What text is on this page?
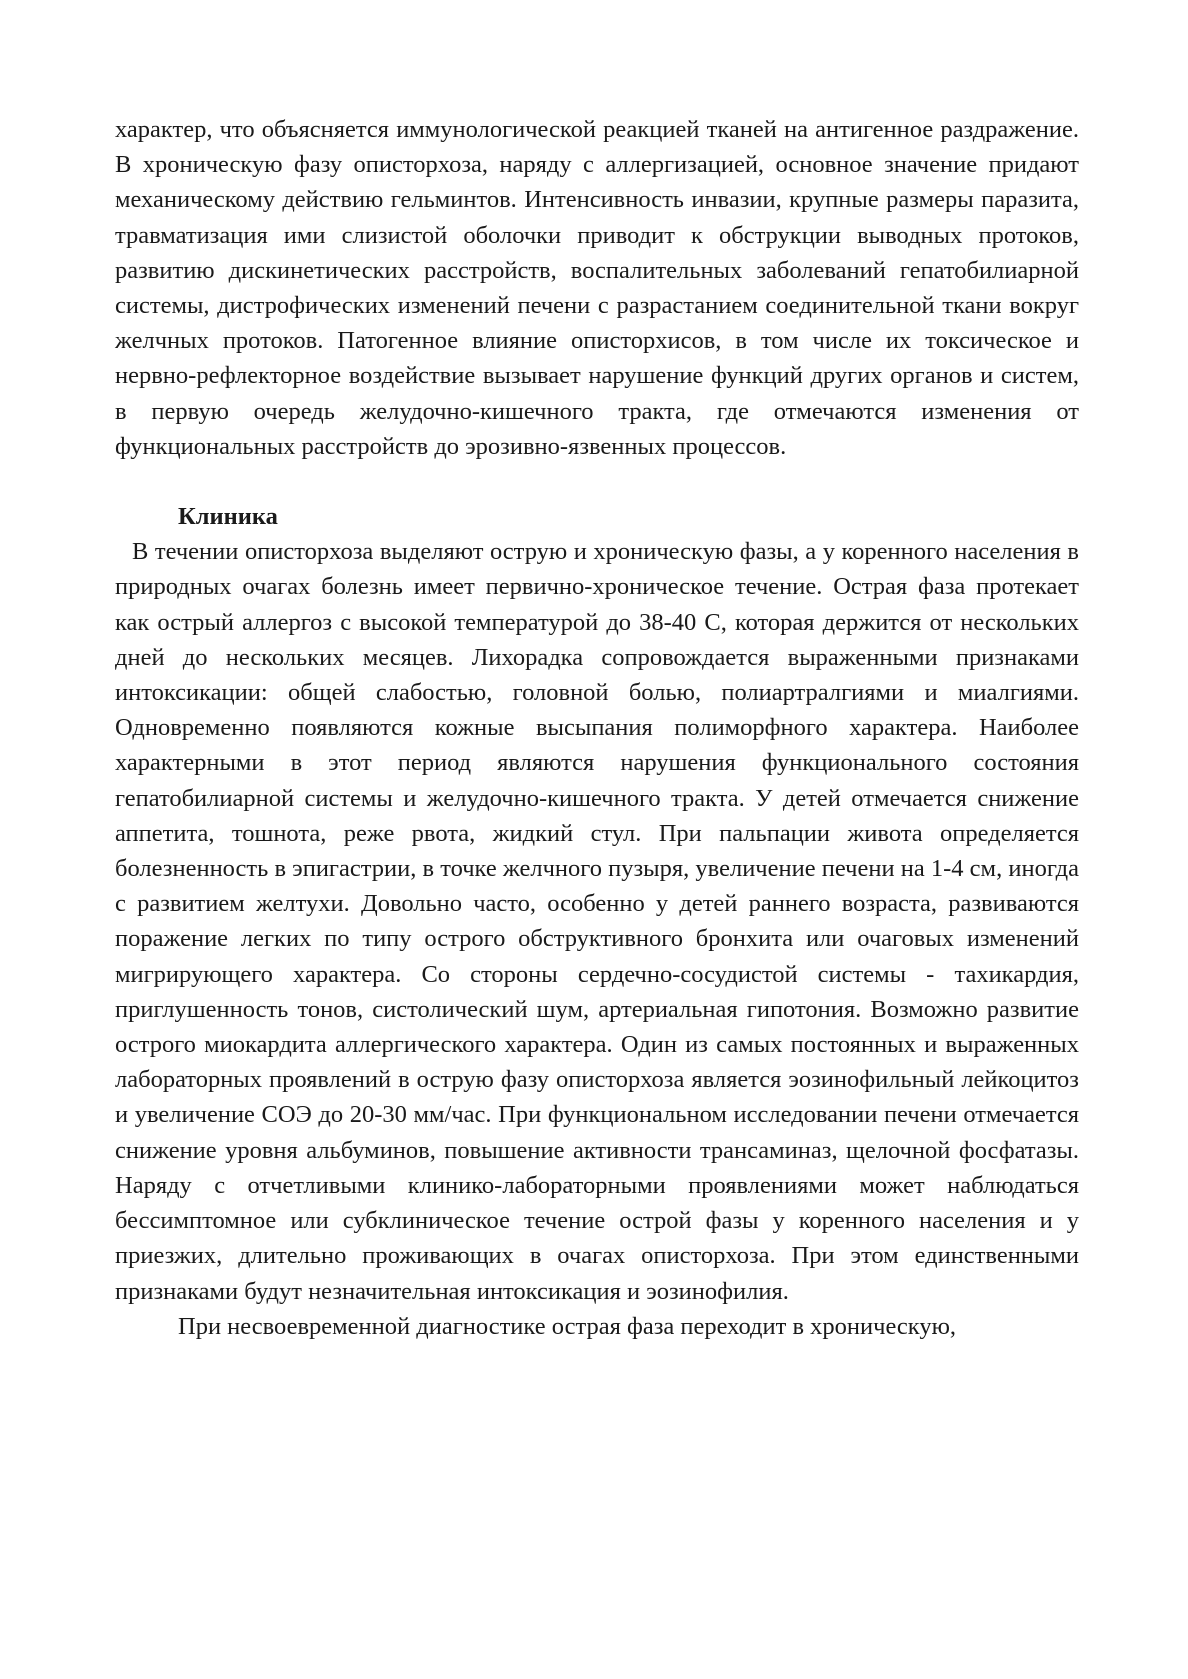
характер, что объясняется иммунологической реакцией тканей на антигенное раздражение. В хроническую фазу описторхоза, наряду с аллергизацией, основное значение придают механическому действию гельминтов. Интенсивность инвазии, крупные размеры паразита, травматизация ими слизистой оболочки приводит к обструкции выводных протоков, развитию дискинетических расстройств, воспалительных заболеваний гепатобилиарной системы, дистрофических изменений печени с разрастанием соединительной ткани вокруг желчных протоков. Патогенное влияние описторхисов, в том числе их токсическое и нервно-рефлекторное воздействие вызывает нарушение функций других органов и систем, в первую очередь желудочно-кишечного тракта, где отмечаются изменения от функциональных расстройств до эрозивно-язвенных процессов.

Клиника

В течении описторхоза выделяют острую и хроническую фазы, а у коренного населения в природных очагах болезнь имеет первично-хроническое течение. Острая фаза протекает как острый аллергоз с высокой температурой до 38-40 С, которая держится от нескольких дней до нескольких месяцев. Лихорадка сопровождается выраженными признаками интоксикации: общей слабостью, головной болью, полиартралгиями и миалгиями. Одновременно появляются кожные высыпания полиморфного характера. Наиболее характерными в этот период являются нарушения функционального состояния гепатобилиарной системы и желудочно-кишечного тракта. У детей отмечается снижение аппетита, тошнота, реже рвота, жидкий стул. При пальпации живота определяется болезненность в эпигастрии, в точке желчного пузыря, увеличение печени на 1-4 см, иногда с развитием желтухи. Довольно часто, особенно у детей раннего возраста, развиваются поражение легких по типу острого обструктивного бронхита или очаговых изменений мигрирующего характера. Со стороны сердечно-сосудистой системы - тахикардия, приглушенность тонов, систолический шум, артериальная гипотония. Возможно развитие острого миокардита аллергического характера. Один из самых постоянных и выраженных лабораторных проявлений в острую фазу описторхоза является эозинофильный лейкоцитоз и увеличение СОЭ до 20-30 мм/час. При функциональном исследовании печени отмечается снижение уровня альбуминов, повышение активности трансаминаз, щелочной фосфатазы. Наряду с отчетливыми клинико-лабораторными проявлениями может наблюдаться бессимптомное или субклиническое течение острой фазы у коренного населения и у приезжих, длительно проживающих в очагах описторхоза. При этом единственными признаками будут незначительная интоксикация и эозинофилия.

При несвоевременной диагностике острая фаза переходит в хроническую,
